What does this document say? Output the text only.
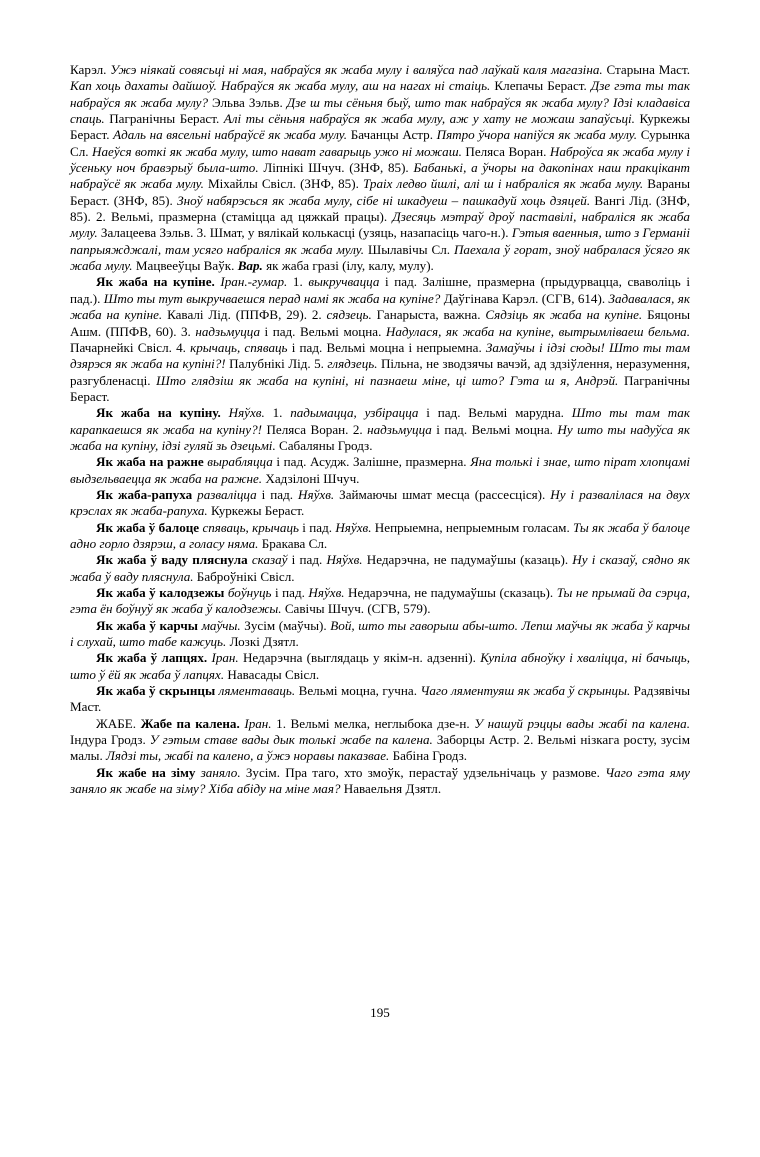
Карэл. Ужэ ніякай совясьці ні мая, набраўся як жаба мулу і валяўса пад лаўкай каля магазіна. Старына Маст. Кап хоць дахаты дайшоў. Набраўся як жаба мулу, аш на нагах ні стаіць. Клепачы Бераст. Дзе гэта ты так набраўся як жаба мулу? Эльва Зэльв. Дзе ш ты сёньня быў, што так набраўся як жаба мулу? Ідзі кладавіса спаць. Пагранічны Бераст. Алі ты сёньня набраўся як жаба мулу, аж у хату не можаш запаўсьці. Куркежы Бераст. Адаль на вясельні набраўсё як жаба мулу. Бачанцы Астр. Пятро ўчора напіўся як жаба мулу. Сурынка Сл. Наеўся воткі як жаба мулу, што нават гаварыць ужо ні можаш. Пеляса Воран. Наброўса як жаба мулу і ўсеньку ноч бравэрыў была-што. Ліпнікі Шчуч. (ЗНФ, 85). Бабанькі, а ўчоры на дакопінах наш пракцікант набраўсё як жаба мулу. Міхайлы Свісл. (ЗНФ, 85). Траіх ледво йшлі, алі ш і набраліся як жаба мулу. Вараны Бераст. (ЗНФ, 85). Зноў набярэсься як жаба мулу, сібе ні шкадуеш – пашкадуй хоць дзяцей. Вангі Лід. (ЗНФ, 85). 2. Вельмі, празмерна (стаміцца ад цяжкай працы). Дзесяць мэтраў дроў паставілі, набраліся як жаба мулу. Залацеева Зэльв. 3. Шмат, у вялікай колькасці (узяць, назапасіць чаго-н.). Гэтыя ваенныя, што з Германіі папрыяжджалі, там усяго набраліся як жаба мулу. Шылавічы Сл. Паехала ў горат, зноў набралася ўсяго як жаба мулу. Мацвееўцы Ваўк. Вар. як жаба гразі (ілу, калу, мулу).

Як жаба на купіне. Іран.-гумар. 1. выкручвацца і пад. Залішне, празмерна (прыдурвацца, сваволіць і пад.). Што ты тут выкручваешся перад намі як жаба на купіне? Даўгінава Карэл. (СГВ, 614). Задавалася, як жаба на купіне. Кавалі Лід. (ППФВ, 29). 2. сядзець. Ганарыста, важна. Сядзіць як жаба на купіне. Бяцоны Ашм. (ППФВ, 60). 3. надзьмуцца і пад. Вельмі моцна. Надулася, як жаба на купіне, вытрымліваеш бельма. Пачарнейкі Свісл. 4. крычаць, спяваць і пад. Вельмі моцна і непрыемна. Замаўчы і ідзі сюды! Што ты там дзярэся як жаба на купіні?! Палубнікі Лід. 5. глядзець. Пільна, не зводзячы вачэй, ад здзіўлення, неразумення, разгубленасці. Што глядзіш як жаба на купіні, ні пазнаеш міне, ці што? Гэта ш я, Андрэй. Пагранічны Бераст.

Як жаба на купіну. Няўхв. 1. падымацца, узбірацца і пад. Вельмі марудна. Што ты там так карапкаешся як жаба на купіну?! Пеляса Воран. 2. надзьмуцца і пад. Вельмі моцна. Ну што ты надуўса як жаба на купіну, ідзі гуляй зь дзецьмі. Сабаляны Гродз.

Як жаба на ражне вырабляцца і пад. Асудж. Залішне, празмерна. Яна толькі і знае, што пірат хлопцамі выдзельваецца як жаба на ражне. Хадзілоні Шчуч.

Як жаба-рапуха разваліцца і пад. Няўхв. Займаючы шмат месца (рассесціся). Ну і развалілася на двух крэслах як жаба-рапуха. Куркежы Бераст.

Як жаба ў балоце спяваць, крычаць і пад. Няўхв. Непрыемна, непрыемным голасам. Ты як жаба ў балоце адно горло дзярэш, а голасу няма. Бракава Сл.

Як жаба ў ваду пляснула сказаў і пад. Няўхв. Недарэчна, не падумаўшы (казаць). Ну і сказаў, сядно як жаба ў ваду пляснула. Баброўнікі Свісл.

Як жаба ў калодзежы боўнуць і пад. Няўхв. Недарэчна, не падумаўшы (сказаць). Ты не прымай да сэрца, гэта ён боўнуў як жаба ў калодзежы. Савічы Шчуч. (СГВ, 579).

Як жаба ў карчы маўчы. Зусім (маўчы). Вой, што ты гаворыш абы-што. Лепш маўчы як жаба ў карчы і слухай, што табе кажуць. Лозкі Дзятл.

Як жаба ў лапцях. Іран. Недарэчна (выглядаць у якім-н. адзенні). Купіла абноўку і хваліцца, ні бачыць, што ў ёй як жаба ў лапцях. Навасады Свісл.

Як жаба ў скрынцы ляментаваць. Вельмі моцна, гучна. Чаго ляментуяш як жаба ў скрынцы. Радзявічы Маст.

ЖАБЕ. Жабе па калена. Іран. 1. Вельмі мелка, неглыбока дзе-н. У нашуй рэццы вады жабі па калена. Індура Гродз. У гэтым ставе вады дык толькі жабе па калена. Заборцы Астр. 2. Вельмі нізкага росту, зусім малы. Лядзі ты, жабі па калено, а ўжэ норавы паказвае. Бабіна Гродз.

Як жабе на зіму заняло. Зусім. Пра таго, хто змоўк, перастаў удзельнічаць у размове. Чаго гэта яму заняло як жабе на зіму? Хіба абіду на міне мая? Наваельня Дзятл.

195
